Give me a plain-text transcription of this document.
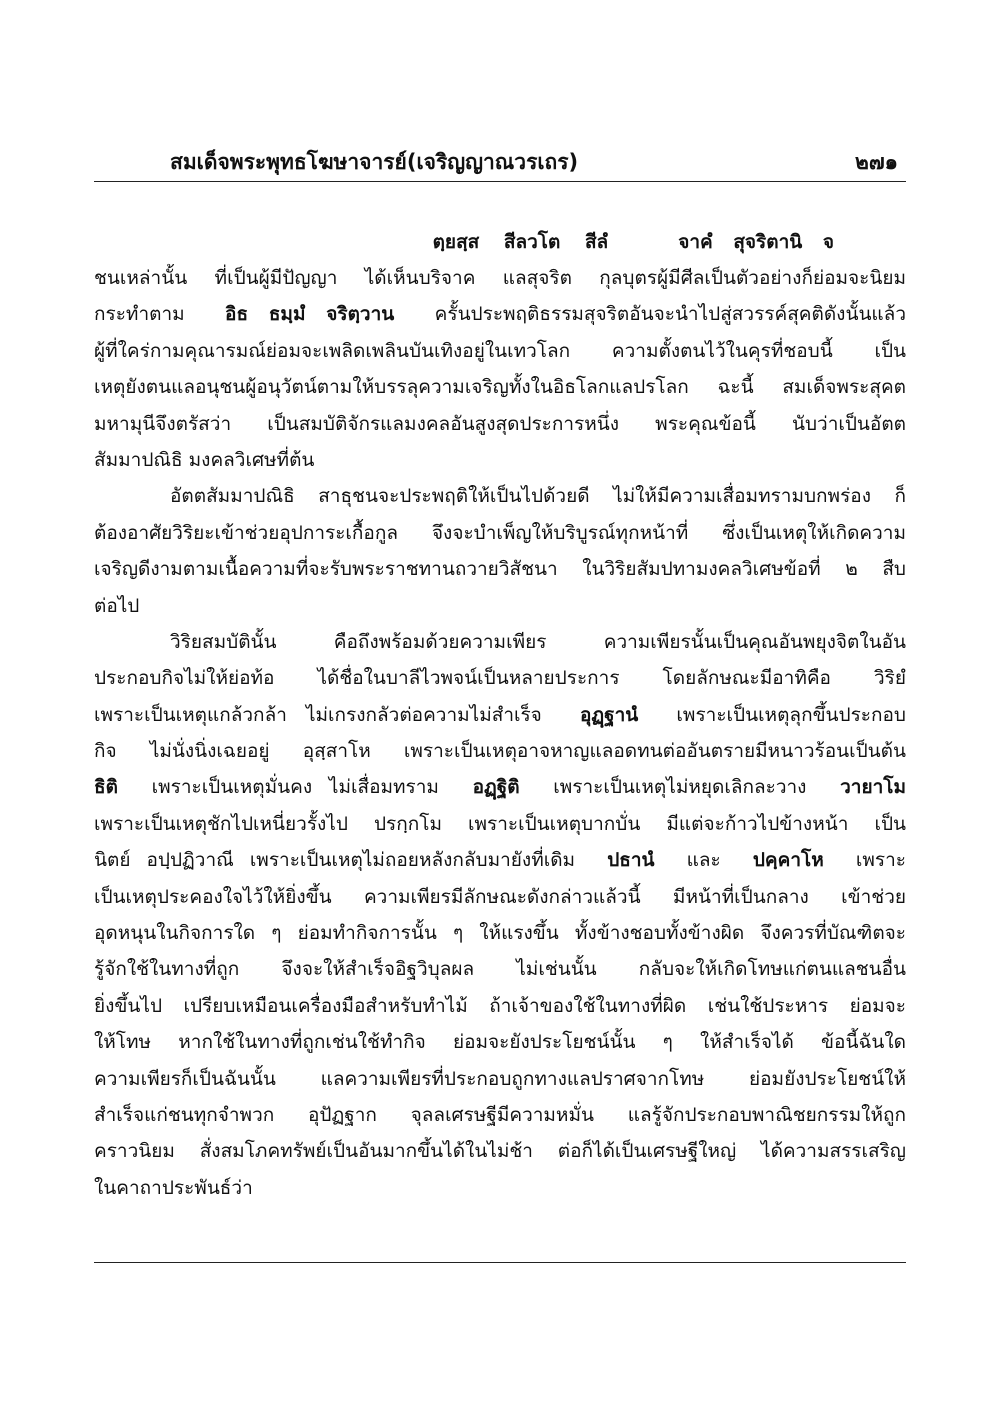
สมเด็จพระพุทธโฆษาจารย์(เจริญญาณวรเถร)	๒๗๑
ตฺยสฺส สีลวโต สีลํ	จาคํ สุจริตานิ จ
ชนเหล่านั้น ที่เป็นผู้มีปัญญา ได้เห็นบริจาค แลสุจริต กุลบุตรผู้มีศีลเป็นตัวอย่างก็ย่อมจะนิยม
กระทำตาม อิธ ธมฺมํ จริตฺวาน ครั้นประพฤติธรรมสุจริตอันจะนำไปสู่สวรรค์สุคติดังนั้นแล้ว
ผู้ที่ใคร่กามคุณารมณ์ย่อมจะเพลิดเพลินบันเทิงอยู่ในเทวโลก ความตั้งตนไว้ในคุรที่ชอบนี้ เป็น
เหตุยังตนแลอนุชนผู้อนุวัตน์ตามให้บรรลุความเจริญทั้งในอิธโลกแลปรโลก ฉะนี้ สมเด็จพระสุคต
มหามุนีจึงตรัสว่า เป็นสมบัติจักรแลมงคลอันสูงสุดประการหนึ่ง พระคุณข้อนี้ นับว่าเป็นอัตต
สัมมาปณิธิ มงคลวิเศษที่ต้น
อัตตสัมมาปณิธิ สาธุชนจะประพฤติให้เป็นไปด้วยดี ไม่ให้มีความเสื่อมทรามบกพร่อง ก็
ต้องอาศัยวิริยะเข้าช่วยอุปการะเกื้อกูล จึงจะบำเพ็ญให้บริบูรณ์ทุกหน้าที่ ซึ่งเป็นเหตุให้เกิดความ
เจริญดีงามตามเนื้อความที่จะรับพระราชทานถวายวิสัชนา ในวิริยสัมปทามงคลวิเศษข้อที่ ๒ สืบ
ต่อไป
วิริยสมบัตินั้น คือถึงพร้อมด้วยความเพียร ความเพียรนั้นเป็นคุณอันพยุงจิตในอัน
ประกอบกิจไม่ให้ย่อท้อ ได้ชื่อในบาลีไวพจน์เป็นหลายประการ โดยลักษณะมีอาทิคือ วิริยํ
เพราะเป็นเหตุแกล้วกล้า ไม่เกรงกลัวต่อความไม่สำเร็จ อุฏฺฐานํ เพราะเป็นเหตุลุกขึ้นประกอบ
กิจ ไม่นั่งนิ่งเฉยอยู่ อุสฺสาโห เพราะเป็นเหตุอาจหาญแลอดทนต่ออันตรายมีหนาวร้อนเป็นต้น
ธิติ เพราะเป็นเหตุมั่นคง ไม่เสื่อมทราม อฏฺฐิติ เพราะเป็นเหตุไม่หยุดเลิกละวาง วายาโม
เพราะเป็นเหตุชักไปเหนี่ยวรั้งไป ปรกฺกโม เพราะเป็นเหตุบากบั่น มีแต่จะก้าวไปข้างหน้า เป็น
นิตย์ อปฺปฏิวาณี เพราะเป็นเหตุไม่ถอยหลังกลับมายังที่เดิม ปธานํ และ ปคฺคาโห เพราะ
เป็นเหตุประคองใจไว้ให้ยิ่งขึ้น ความเพียรมีลักษณะดังกล่าวแล้วนี้ มีหน้าที่เป็นกลาง เข้าช่วย
อุดหนุนในกิจการใด ๆ ย่อมทำกิจการนั้น ๆ ให้แรงขึ้น ทั้งข้างชอบทั้งข้างผิด จึงควรที่บัณฑิตจะ
รู้จักใช้ในทางที่ถูก จึงจะให้สำเร็จอิฐวิบุลผล ไม่เช่นนั้น กลับจะให้เกิดโทษแก่ตนแลชนอื่น
ยิ่งขึ้นไป เปรียบเหมือนเครื่องมือสำหรับทำไม้ ถ้าเจ้าของใช้ในทางที่ผิด เช่นใช้ประหาร ย่อมจะ
ให้โทษ หากใช้ในทางที่ถูกเช่นใช้ทำกิจ ย่อมจะยังประโยชน์นั้น ๆ ให้สำเร็จได้ ข้อนี้ฉันใด
ความเพียรก็เป็นฉันนั้น แลความเพียรที่ประกอบถูกทางแลปราศจากโทษ ย่อมยังประโยชน์ให้
สำเร็จแก่ชนทุกจำพวก อุปัฏฐาก จุลลเศรษฐีมีความหมั่น แลรู้จักประกอบพาณิชยกรรมให้ถูก
คราวนิยม สั่งสมโภคทรัพย์เป็นอันมากขึ้นได้ในไม่ช้า ต่อก็ได้เป็นเศรษฐีใหญ่ ได้ความสรรเสริญ
ในคาถาประพันธ์ว่า
